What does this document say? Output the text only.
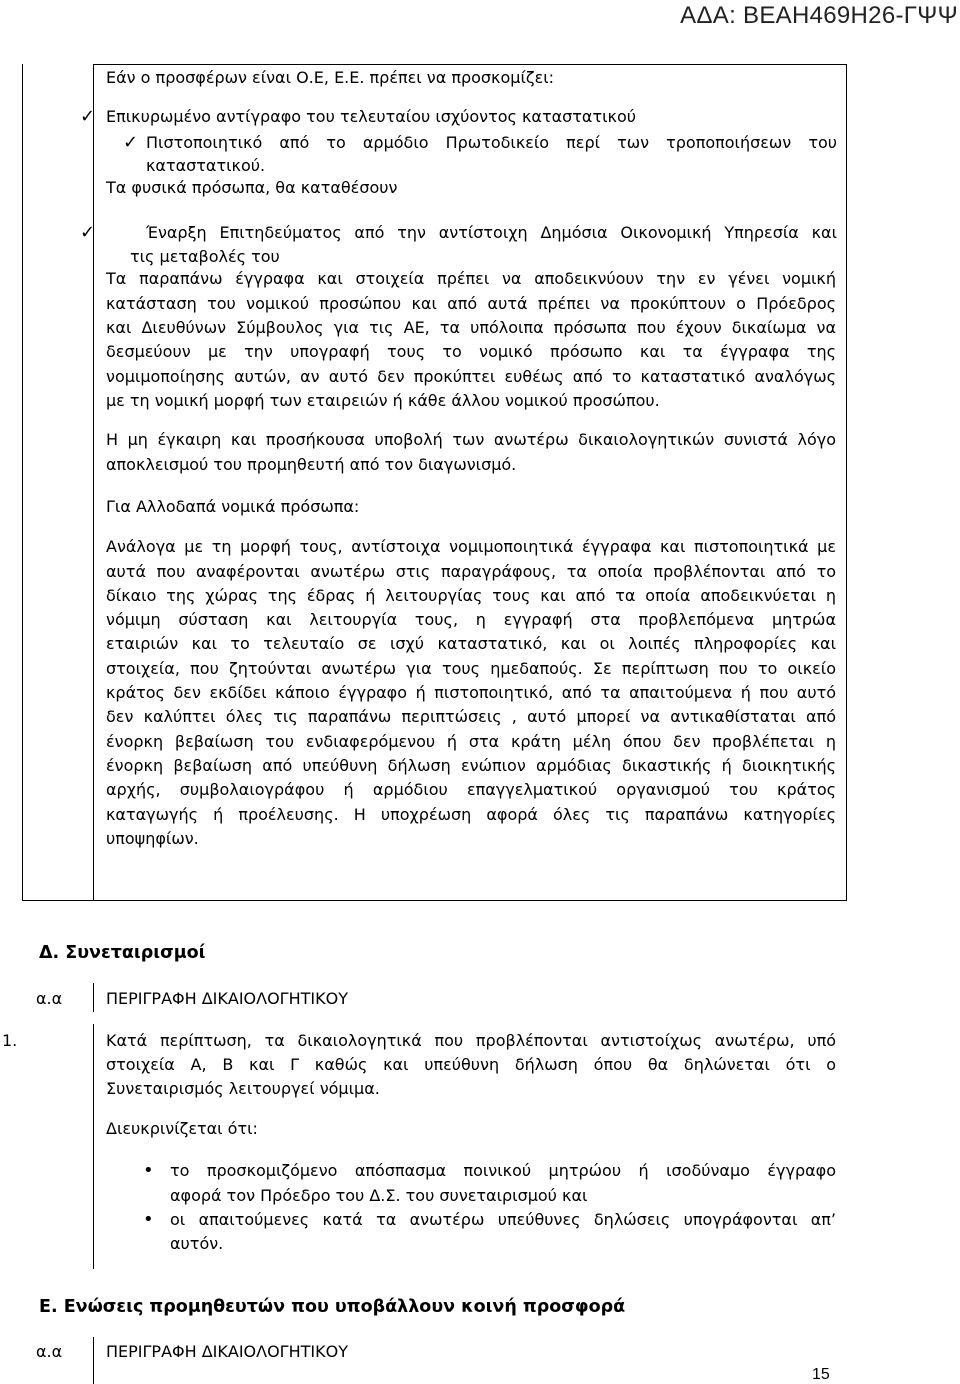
ΑΔΑ: ΒΕΑΗ469Η26-ΓΨΨ
Εάν ο προσφέρων είναι Ο.Ε, Ε.Ε. πρέπει να προσκομίζει:
✓ Επικυρωμένο αντίγραφο του τελευταίου ισχύοντος καταστατικού
✓ Πιστοποιητικό από το αρμόδιο Πρωτοδικείο περί των τροποποιήσεων του
καταστατικού.
Τα φυσικά πρόσωπα, θα καταθέσουν
✓	Έναρξη Επιτηδεύματος από την αντίστοιχη Δημόσια Οικονομική Υπηρεσία και
τις μεταβολές του
Τα παραπάνω έγγραφα και στοιχεία πρέπει να αποδεικνύουν την εν γένει νομική
κατάσταση του νομικού προσώπου και από αυτά πρέπει να προκύπτουν ο Πρόεδρος
και Διευθύνων Σύμβουλος για τις ΑΕ, τα υπόλοιπα πρόσωπα που έχουν δικαίωμα να
δεσμεύουν με την υπογραφή τους το νομικό πρόσωπο και τα έγγραφα της
νομιμοποίησης αυτών, αν αυτό δεν προκύπτει ευθέως από το καταστατικό αναλόγως
με τη νομική μορφή των εταιρειών ή κάθε άλλου νομικού προσώπου.
Η μη έγκαιρη και προσήκουσα υποβολή των ανωτέρω δικαιολογητικών συνιστά λόγο
αποκλεισμού του προμηθευτή από τον διαγωνισμό.
Για Αλλοδαπά νομικά πρόσωπα:
Ανάλογα με τη μορφή τους, αντίστοιχα νομιμοποιητικά έγγραφα και πιστοποιητικά με
αυτά που αναφέρονται ανωτέρω στις παραγράφους, τα οποία προβλέπονται από το
δίκαιο της χώρας της έδρας ή λειτουργίας τους και από τα οποία αποδεικνύεται η
νόμιμη σύσταση και λειτουργία τους, η εγγραφή στα προβλεπόμενα μητρώα
εταιριών και το τελευταίο σε ισχύ καταστατικό, και οι λοιπές πληροφορίες και
στοιχεία, που ζητούνται ανωτέρω για τους ημεδαπούς. Σε περίπτωση που το οικείο
κράτος δεν εκδίδει κάποιο έγγραφο ή πιστοποιητικό, από τα απαιτούμενα ή που αυτό
δεν καλύπτει όλες τις παραπάνω περιπτώσεις , αυτό μπορεί να αντικαθίσταται από
ένορκη βεβαίωση του ενδιαφερόμενου ή στα κράτη μέλη όπου δεν προβλέπεται η
ένορκη βεβαίωση από υπεύθυνη δήλωση ενώπιον αρμόδιας δικαστικής ή διοικητικής
αρχής, συμβολαιογράφου ή αρμόδιου επαγγελματικού οργανισμού του κράτος
καταγωγής ή προέλευσης. Η υποχρέωση αφορά όλες τις παραπάνω κατηγορίες
υποψηφίων.
Δ. Συνεταιρισμοί
α.α	ΠΕΡΙΓΡΑΦΗ ΔΙΚΑΙΟΛΟΓΗΤΙΚΟΥ
1.	Κατά περίπτωση, τα δικαιολογητικά που προβλέπονται αντιστοίχως ανωτέρω, υπό
στοιχεία Α, Β και Γ καθώς και υπεύθυνη δήλωση όπου θα δηλώνεται ότι ο
Συνεταιρισμός λειτουργεί νόμιμα.
Διευκρινίζεται ότι:
• το προσκομιζόμενο απόσπασμα ποινικού μητρώου ή ισοδύναμο έγγραφο
αφορά τον Πρόεδρο του Δ.Σ. του συνεταιρισμού και
• οι απαιτούμενες κατά τα ανωτέρω υπεύθυνες δηλώσεις υπογράφονται απ’
αυτόν.
Ε. Ενώσεις προμηθευτών που υποβάλλουν κοινή προσφορά
α.α	ΠΕΡΙΓΡΑΦΗ ΔΙΚΑΙΟΛΟΓΗΤΙΚΟΥ
15
